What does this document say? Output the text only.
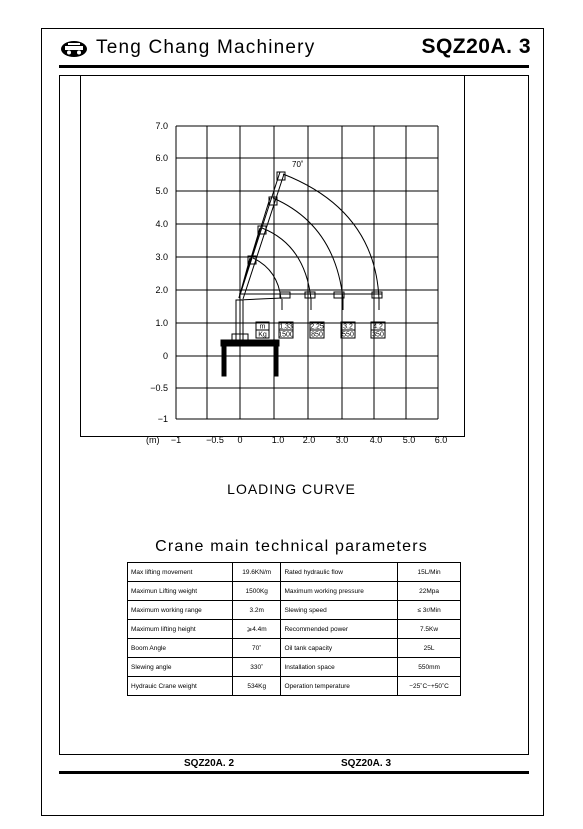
Teng Chang Machinery	SQZ20A. 3
7.0
6.0
5.0
4.0
3.0
2.0
1.0
0
−0.5
−1
(m) −1	−0.5 0	1.0 2.0 3.0 4.0 5.0 6.0
70˚
m
Kg
1.33
1500
2.25
850
3.2
550
4.2
350
LOADING CURVE
Crane main technical parameters
Max lifting movement	19.6KN/m	Rated hydraulic flow	15L/Min
Maximun Lifting weight	1500Kg	Maximum working pressure	22Mpa
Maximum working range	3.2m	Slewing speed	≤ 3r/Min
Maximum lifting height	⩾4.4m	Recommended power	7.5Kw
Boom Angle	70˚	Oil tank capacity	25L
Slewing angle	330˚	Installation space	550mm
Hydrauic Crane weight	534Kg	Operation temperature	−25˚C−+50˚C
SQZ20A. 2	SQZ20A. 3
